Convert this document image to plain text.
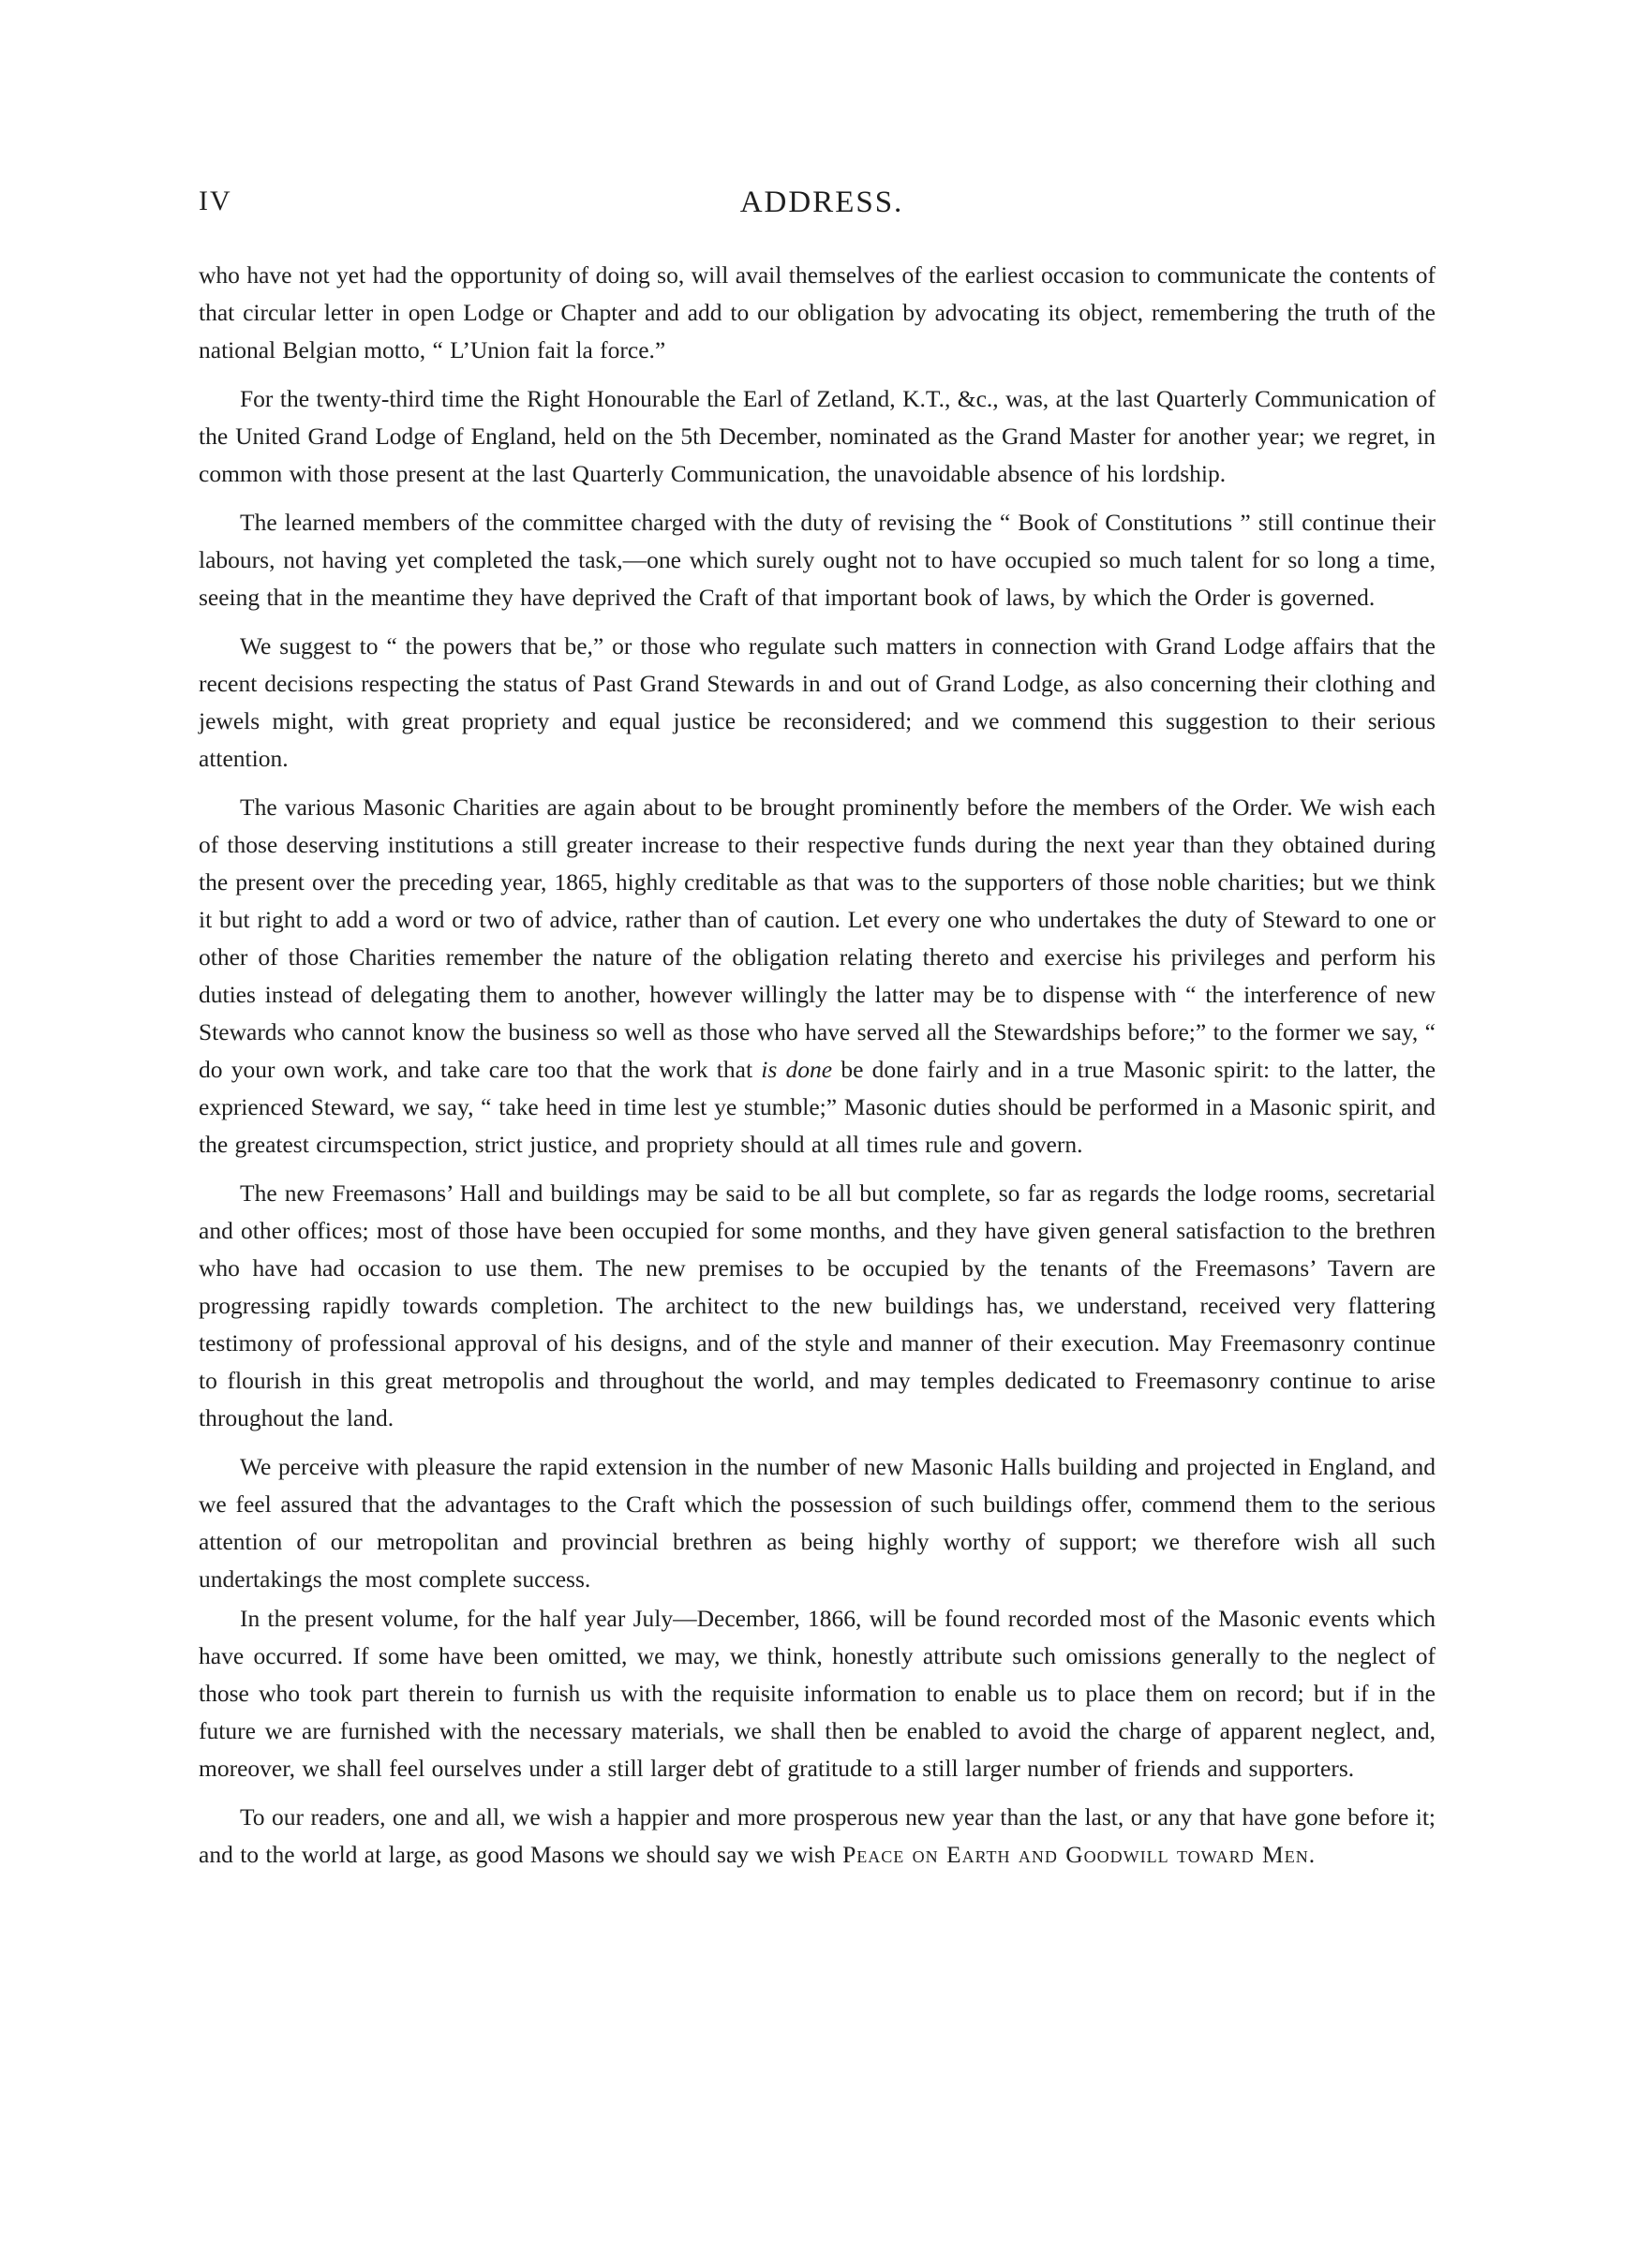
IV	ADDRESS.

who have not yet had the opportunity of doing so, will avail themselves of the earliest occasion to communicate the contents of that circular letter in open Lodge or Chapter and add to our obligation by advocating its object, remembering the truth of the national Belgian motto, “ L’Union fait la force.”

For the twenty-third time the Right Honourable the Earl of Zetland, K.T., &c., was, at the last Quarterly Communication of the United Grand Lodge of England, held on the 5th December, nominated as the Grand Master for another year; we regret, in common with those present at the last Quarterly Communication, the unavoidable absence of his lordship.

The learned members of the committee charged with the duty of revising the “ Book of Constitutions ” still continue their labours, not having yet completed the task,—one which surely ought not to have occupied so much talent for so long a time, seeing that in the meantime they have deprived the Craft of that important book of laws, by which the Order is governed.

We suggest to “ the powers that be,” or those who regulate such matters in connection with Grand Lodge affairs that the recent decisions respecting the status of Past Grand Stewards in and out of Grand Lodge, as also concerning their clothing and jewels might, with great propriety and equal justice be reconsidered; and we commend this suggestion to their serious attention.

The various Masonic Charities are again about to be brought prominently before the members of the Order. We wish each of those deserving institutions a still greater increase to their respective funds during the next year than they obtained during the present over the preceding year, 1865, highly creditable as that was to the supporters of those noble charities; but we think it but right to add a word or two of advice, rather than of caution. Let every one who undertakes the duty of Steward to one or other of those Charities remember the nature of the obligation relating thereto and exercise his privileges and perform his duties instead of delegating them to another, however willingly the latter may be to dispense with “ the interference of new Stewards who cannot know the business so well as those who have served all the Stewardships before;” to the former we say, “ do your own work, and take care too that the work that is done be done fairly and in a true Masonic spirit: to the latter, the exprienced Steward, we say, “ take heed in time lest ye stumble;” Masonic duties should be performed in a Masonic spirit, and the greatest circumspection, strict justice, and propriety should at all times rule and govern.

The new Freemasons’ Hall and buildings may be said to be all but complete, so far as regards the lodge rooms, secretarial and other offices; most of those have been occupied for some months, and they have given general satisfaction to the brethren who have had occasion to use them. The new premises to be occupied by the tenants of the Freemasons’ Tavern are progressing rapidly towards completion. The architect to the new buildings has, we understand, received very flattering testimony of professional approval of his designs, and of the style and manner of their execution. May Freemasonry continue to flourish in this great metropolis and throughout the world, and may temples dedicated to Freemasonry continue to arise throughout the land.

We perceive with pleasure the rapid extension in the number of new Masonic Halls building and projected in England, and we feel assured that the advantages to the Craft which the possession of such buildings offer, commend them to the serious attention of our metropolitan and provincial brethren as being highly worthy of support; we therefore wish all such undertakings the most complete success.

In the present volume, for the half year July—December, 1866, will be found recorded most of the Masonic events which have occurred. If some have been omitted, we may, we think, honestly attribute such omissions generally to the neglect of those who took part therein to furnish us with the requisite information to enable us to place them on record; but if in the future we are furnished with the necessary materials, we shall then be enabled to avoid the charge of apparent neglect, and, moreover, we shall feel ourselves under a still larger debt of gratitude to a still larger number of friends and supporters.

To our readers, one and all, we wish a happier and more prosperous new year than the last, or any that have gone before it; and to the world at large, as good Masons we should say we wish Peace on Earth and Goodwill toward Men.
